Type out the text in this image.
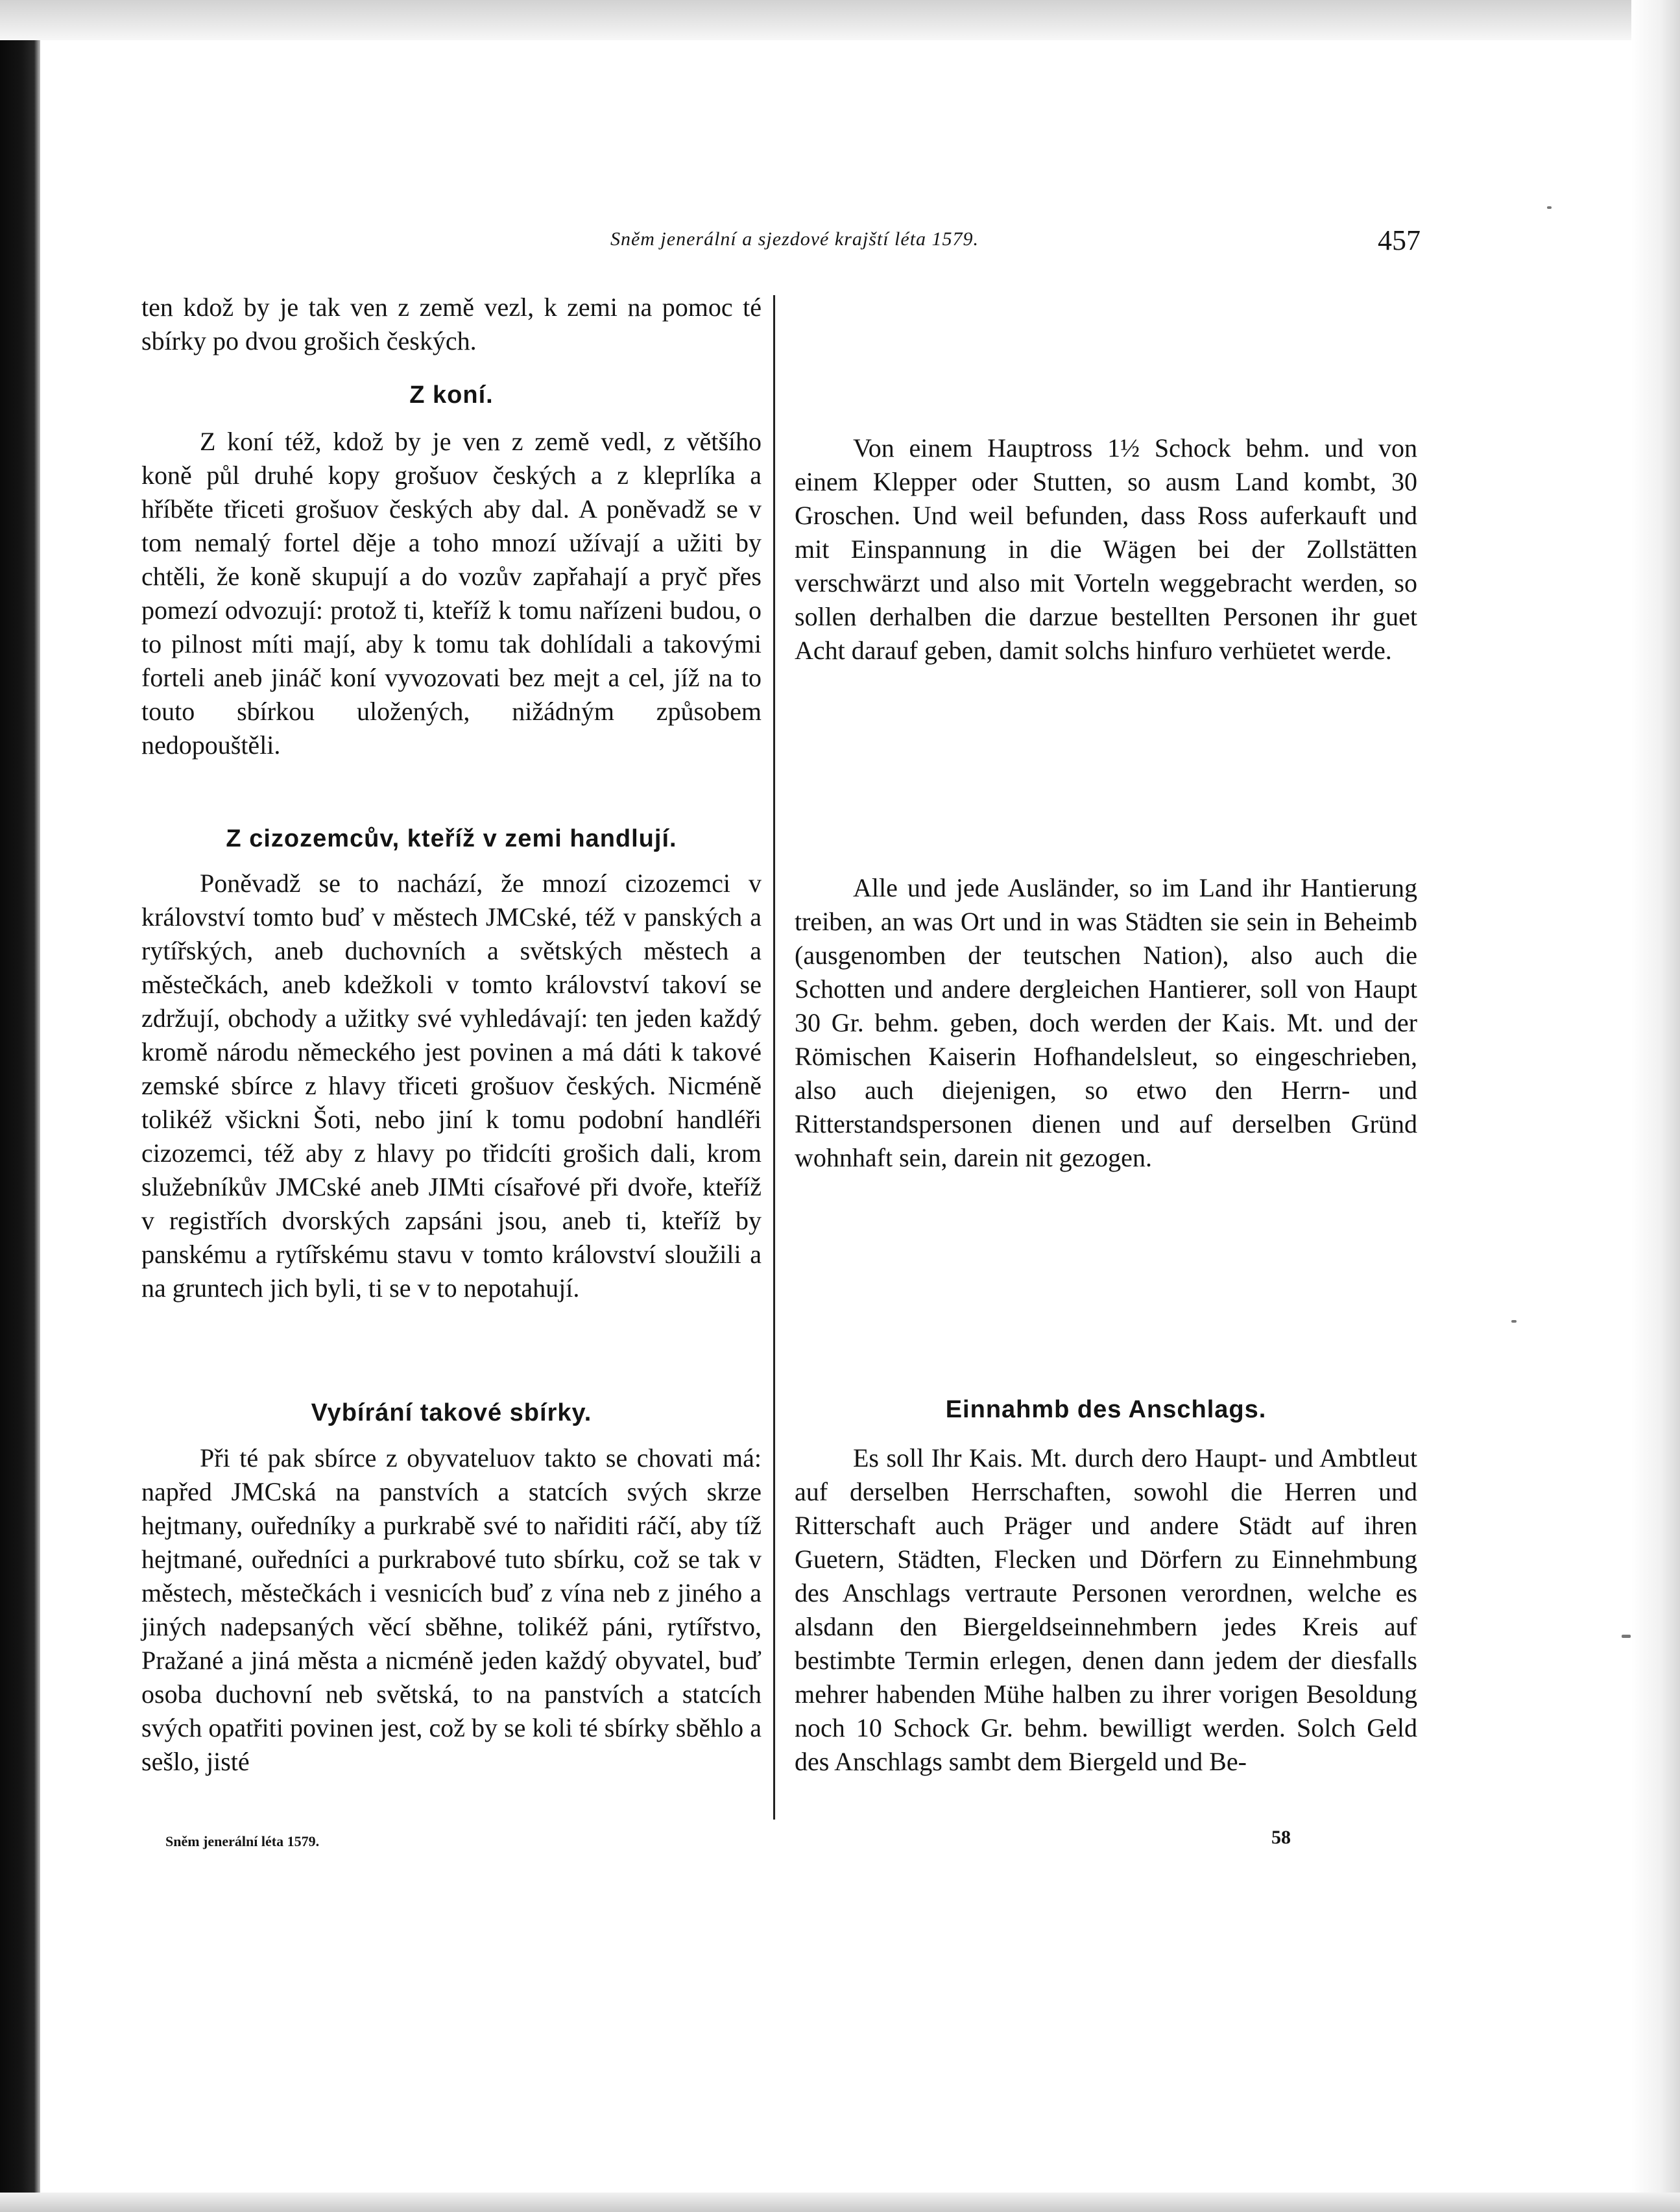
Sněm jenerální a sjezdové krajští léta 1579.	457

ten kdož by je tak ven z země vezl, k zemi na pomoc té sbírky po dvou grošich českých.

Z koní.

Z koní též, kdož by je ven z země vedl, z většího koně půl druhé kopy grošuov českých a z kleprlíka a hříběte třiceti grošuov českých aby dal. A poněvadž se v tom nemalý fortel děje a toho mnozí užívají a užiti by chtěli, že koně skupují a do vozův zapřahají a pryč přes pomezí odvozují: protož ti, kteříž k tomu nařízeni budou, o to pilnost míti mají, aby k tomu tak dohlídali a takovými forteli aneb jináč koní vyvozovati bez mejt a cel, jíž na to touto sbírkou uložených, nižádným způsobem nedopouštěli.

Z cizozemcův, kteříž v zemi handlují.

Poněvadž se to nachází, že mnozí cizozemci v království tomto buď v městech JMCské, též v panských a rytířských, aneb duchovních a světských městech a městečkách, aneb kdežkoli v tomto království takoví se zdržují, obchody a užitky své vyhledávají: ten jeden každý kromě národu německého jest povinen a má dáti k takové zemské sbírce z hlavy třiceti grošuov českých. Nicméně tolikéž všickni Šoti, nebo jiní k tomu podobní handléři cizozemci, též aby z hlavy po třidcíti grošich dali, krom služebníkův JMCské aneb JIMti císařové při dvoře, kteříž v registřích dvorských zapsáni jsou, aneb ti, kteříž by panskému a rytířskému stavu v tomto království sloužili a na gruntech jich byli, ti se v to nepotahují.

Vybírání takové sbírky.

Při té pak sbírce z obyvateluov takto se chovati má: napřed JMCská na panstvích a statcích svých skrze hejtmany, ouředníky a purkrabě své to nařiditi ráčí, aby tíž hejtmané, ouředníci a purkrabové tuto sbírku, což se tak v městech, městečkách i vesnicích buď z vína neb z jiného a jiných nadepsaných věcí sběhne, tolikéž páni, rytířstvo, Pražané a jiná města a nicméně jeden každý obyvatel, buď osoba duchovní neb světská, to na panstvích a statcích svých opatřiti povinen jest, což by se koli té sbírky sběhlo a sešlo, jisté

Von einem Hauptross 1½ Schock behm. und von einem Klepper oder Stutten, so ausm Land kombt, 30 Groschen. Und weil befunden, dass Ross auferkauft und mit Einspannung in die Wägen bei der Zollstätten verschwärzt und also mit Vorteln weggebracht werden, so sollen derhalben die darzue bestellten Personen ihr guet Acht darauf geben, damit solchs hinfuro verhüetet werde.

Alle und jede Ausländer, so im Land ihr Hantierung treiben, an was Ort und in was Städten sie sein in Beheimb (ausgenomben der teutschen Nation), also auch die Schotten und andere dergleichen Hantierer, soll von Haupt 30 Gr. behm. geben, doch werden der Kais. Mt. und der Römischen Kaiserin Hofhandelsleut, so eingeschrieben, also auch diejenigen, so etwo den Herrn- und Ritterstandspersonen dienen und auf derselben Gründ wohnhaft sein, darein nit gezogen.

Einnahmb des Anschlags.

Es soll Ihr Kais. Mt. durch dero Haupt- und Ambtleut auf derselben Herrschaften, sowohl die Herren und Ritterschaft auch Präger und andere Städt auf ihren Guetern, Städten, Flecken und Dörfern zu Einnehmbung des Anschlags vertraute Personen verordnen, welche es alsdann den Biergeldseinnehmbern jedes Kreis auf bestimbte Termin erlegen, denen dann jedem der diesfalls mehrer habenden Mühe halben zu ihrer vorigen Besoldung noch 10 Schock Gr. behm. bewilligt werden. Solch Geld des Anschlags sambt dem Biergeld und Be-

Sněm jenerální léta 1579.	58
